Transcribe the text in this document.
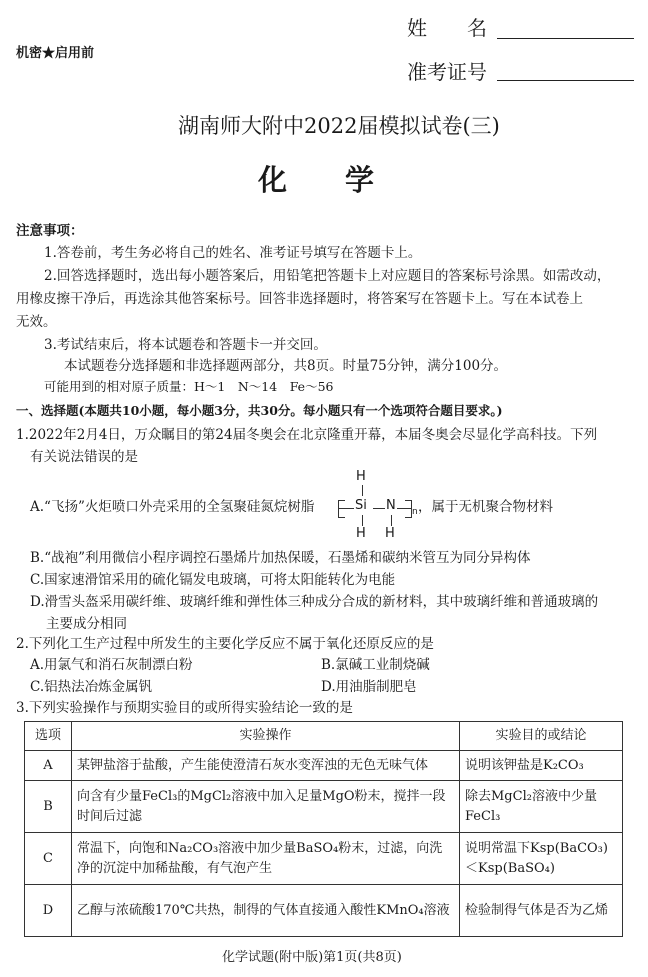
机密★启用前
姓　　名
准考证号
湖南师大附中2022届模拟试卷(三)
化　　学
注意事项：
1.答卷前，考生务必将自己的姓名、准考证号填写在答题卡上。
2.回答选择题时，选出每小题答案后，用铅笔把答题卡上对应题目的答案标号涂黑。如需改动，
用橡皮擦干净后，再选涂其他答案标号。回答非选择题时，将答案写在答题卡上。写在本试卷上
无效。
3.考试结束后，将本试题卷和答题卡一并交回。
本试题卷分选择题和非选择题两部分，共8页。时量75分钟，满分100分。
可能用到的相对原子质量：H～1　N～14　Fe～56
一、选择题(本题共10小题，每小题3分，共30分。每小题只有一个选项符合题目要求。)
1.2022年2月4日，万众瞩目的第24届冬奥会在北京隆重开幕，本届冬奥会尽显化学高科技。下列
有关说法错误的是
A.“飞扬”火炬喷口外壳采用的全氢聚硅氮烷树脂
H
Si N n
H H
，属于无机聚合物材料
B.“战袍”利用微信小程序调控石墨烯片加热保暖，石墨烯和碳纳米管互为同分异构体
C.国家速滑馆采用的硫化镉发电玻璃，可将太阳能转化为电能
D.滑雪头盔采用碳纤维、玻璃纤维和弹性体三种成分合成的新材料，其中玻璃纤维和普通玻璃的
主要成分相同
2.下列化工生产过程中所发生的主要化学反应不属于氧化还原反应的是
A.用氯气和消石灰制漂白粉	B.氯碱工业制烧碱
C.铝热法冶炼金属钒	D.用油脂制肥皂
3.下列实验操作与预期实验目的或所得实验结论一致的是
选项	实验操作	实验目的或结论
A	某钾盐溶于盐酸，产生能使澄清石灰水变浑浊的无色无味气体	说明该钾盐是K₂CO₃
B	向含有少量FeCl₃的MgCl₂溶液中加入足量MgO粉末，搅拌一段时间后过滤	除去MgCl₂溶液中少量FeCl₃
C	常温下，向饱和Na₂CO₃溶液中加少量BaSO₄粉末，过滤，向洗净的沉淀中加稀盐酸，有气泡产生	说明常温下Ksp(BaCO₃)＜Ksp(BaSO₄)
D	乙醇与浓硫酸170℃共热，制得的气体直接通入酸性KMnO₄溶液	检验制得气体是否为乙烯
化学试题(附中版)第1页(共8页)
